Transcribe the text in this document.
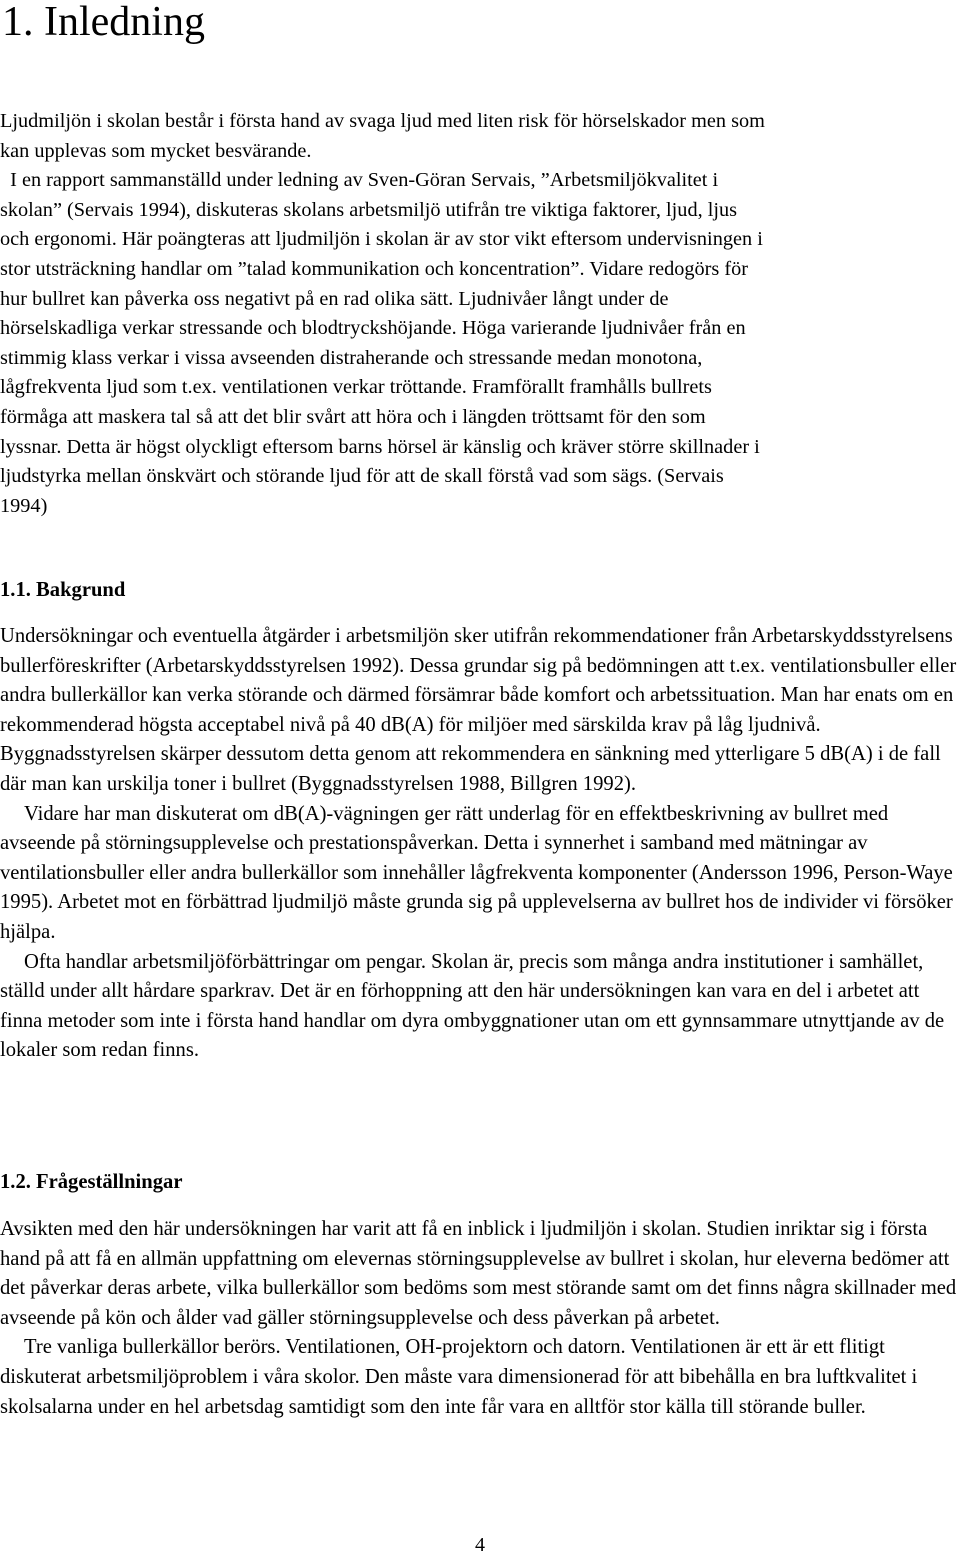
1. Inledning
Ljudmiljön i skolan består i första hand av svaga ljud med liten risk för hörselskador men som
kan upplevas som mycket besvärande.
I en rapport sammanställd under ledning av Sven-Göran Servais, ”Arbetsmiljökvalitet i
skolan” (Servais 1994), diskuteras skolans arbetsmiljö utifrån tre viktiga faktorer, ljud, ljus
och ergonomi. Här poängteras att ljudmiljön i skolan är av stor vikt eftersom undervisningen i
stor utsträckning handlar om ”talad kommunikation och koncentration”. Vidare redogörs för
hur bullret kan påverka oss negativt på en rad olika sätt. Ljudnivåer långt under de
hörselskadliga verkar stressande och blodtryckshöjande. Höga varierande ljudnivåer från en
stimmig klass verkar i vissa avseenden distraherande och stressande medan monotona,
lågfrekventa ljud som t.ex. ventilationen verkar tröttande. Framförallt framhålls bullrets
förmåga att maskera tal så att det blir svårt att höra och i längden tröttsamt för den som
lyssnar. Detta är högst olyckligt eftersom barns hörsel är känslig och kräver större skillnader i
ljudstyrka mellan önskvärt och störande ljud för att de skall förstå vad som sägs. (Servais
1994)
1.1. Bakgrund

Undersökningar och eventuella åtgärder i arbetsmiljön sker utifrån rekommendationer från Arbetarskyddsstyrelsens bullerföreskrifter (Arbetarskyddsstyrelsen 1992). Dessa grundar sig på bedömningen att t.ex. ventilationsbuller eller andra bullerkällor kan verka störande och därmed försämrar både komfort och arbetssituation. Man har enats om en rekommenderad högsta acceptabel nivå på 40 dB(A) för miljöer med särskilda krav på låg ljudnivå. Byggnadsstyrelsen skärper dessutom detta genom att rekommendera en sänkning med ytterligare 5 dB(A) i de fall där man kan urskilja toner i bullret (Byggnadsstyrelsen 1988, Billgren 1992).

Vidare har man diskuterat om dB(A)-vägningen ger rätt underlag för en effektbeskrivning av bullret med avseende på störningsupplevelse och prestationspåverkan. Detta i synnerhet i samband med mätningar av ventilationsbuller eller andra bullerkällor som innehåller lågfrekventa komponenter (Andersson 1996, Person-Waye 1995). Arbetet mot en förbättrad ljudmiljö måste grunda sig på upplevelserna av bullret hos de individer vi försöker hjälpa.

Ofta handlar arbetsmiljöförbättringar om pengar. Skolan är, precis som många andra institutioner i samhället, ställd under allt hårdare sparkrav. Det är en förhoppning att den här undersökningen kan vara en del i arbetet att finna metoder som inte i första hand handlar om dyra ombyggnationer utan om ett gynnsammare utnyttjande av de lokaler som redan finns.

1.2. Frågeställningar

Avsikten med den här undersökningen har varit att få en inblick i ljudmiljön i skolan. Studien inriktar sig i första hand på att få en allmän uppfattning om elevernas störningsupplevelse av bullret i skolan, hur eleverna bedömer att det påverkar deras arbete, vilka bullerkällor som bedöms som mest störande samt om det finns några skillnader med avseende på kön och ålder vad gäller störningsupplevelse och dess påverkan på arbetet.

Tre vanliga bullerkällor berörs. Ventilationen, OH-projektorn och datorn. Ventilationen är ett är ett flitigt diskuterat arbetsmiljöproblem i våra skolor. Den måste vara dimensionerad för att bibehålla en bra luftkvalitet i skolsalarna under en hel arbetsdag samtidigt som den inte får vara en alltför stor källa till störande buller.

4
